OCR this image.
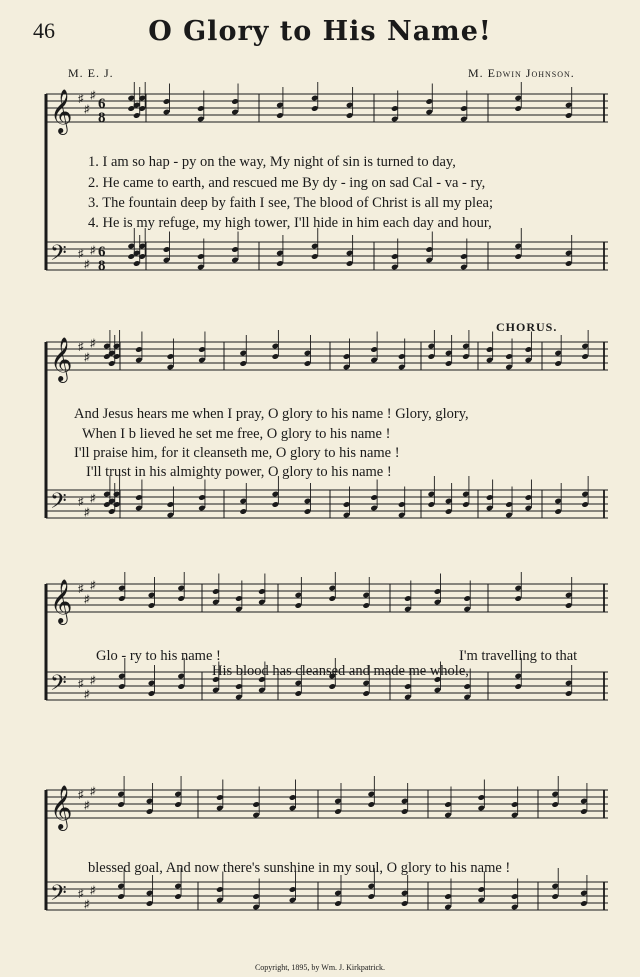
46	O Glory to His Name!
M. E. J.	M. Edwin Johnson.
𝄞 ♯
♯
♯
6
8
𝄢 ♯
♯
♯ 6
8
1. I am so hap - py on the way, My night of sin is turned to day,
2. He came to earth, and rescued me By dy - ing on sad Cal - va - ry,
3. The fountain deep by faith I see, The blood of Christ is all my plea;
4. He is my refuge, my high tower, I'll hide in him each day and hour,
CHORUS.
𝄞 ♯
♯
♯
𝄢 ♯
♯
♯
And Jesus hears me when I pray, O glory to his name ! Glory, glory,
When I b lieved he set me free, O glory to his name !
I'll praise him, for it cleanseth me, O glory to his name !
I'll trust in his almighty power, O glory to his name !
𝄞 ♯
♯
♯
𝄢 ♯
♯
♯
Glo - ry to his name !	I'm travelling to that
His blood has cleansed and made me whole,
𝄞 ♯
♯
♯
𝄢 ♯
♯
♯
blessed goal, And now there's sunshine in my soul, O glory to his name !
Copyright, 1895, by Wm. J. Kirkpatrick.
